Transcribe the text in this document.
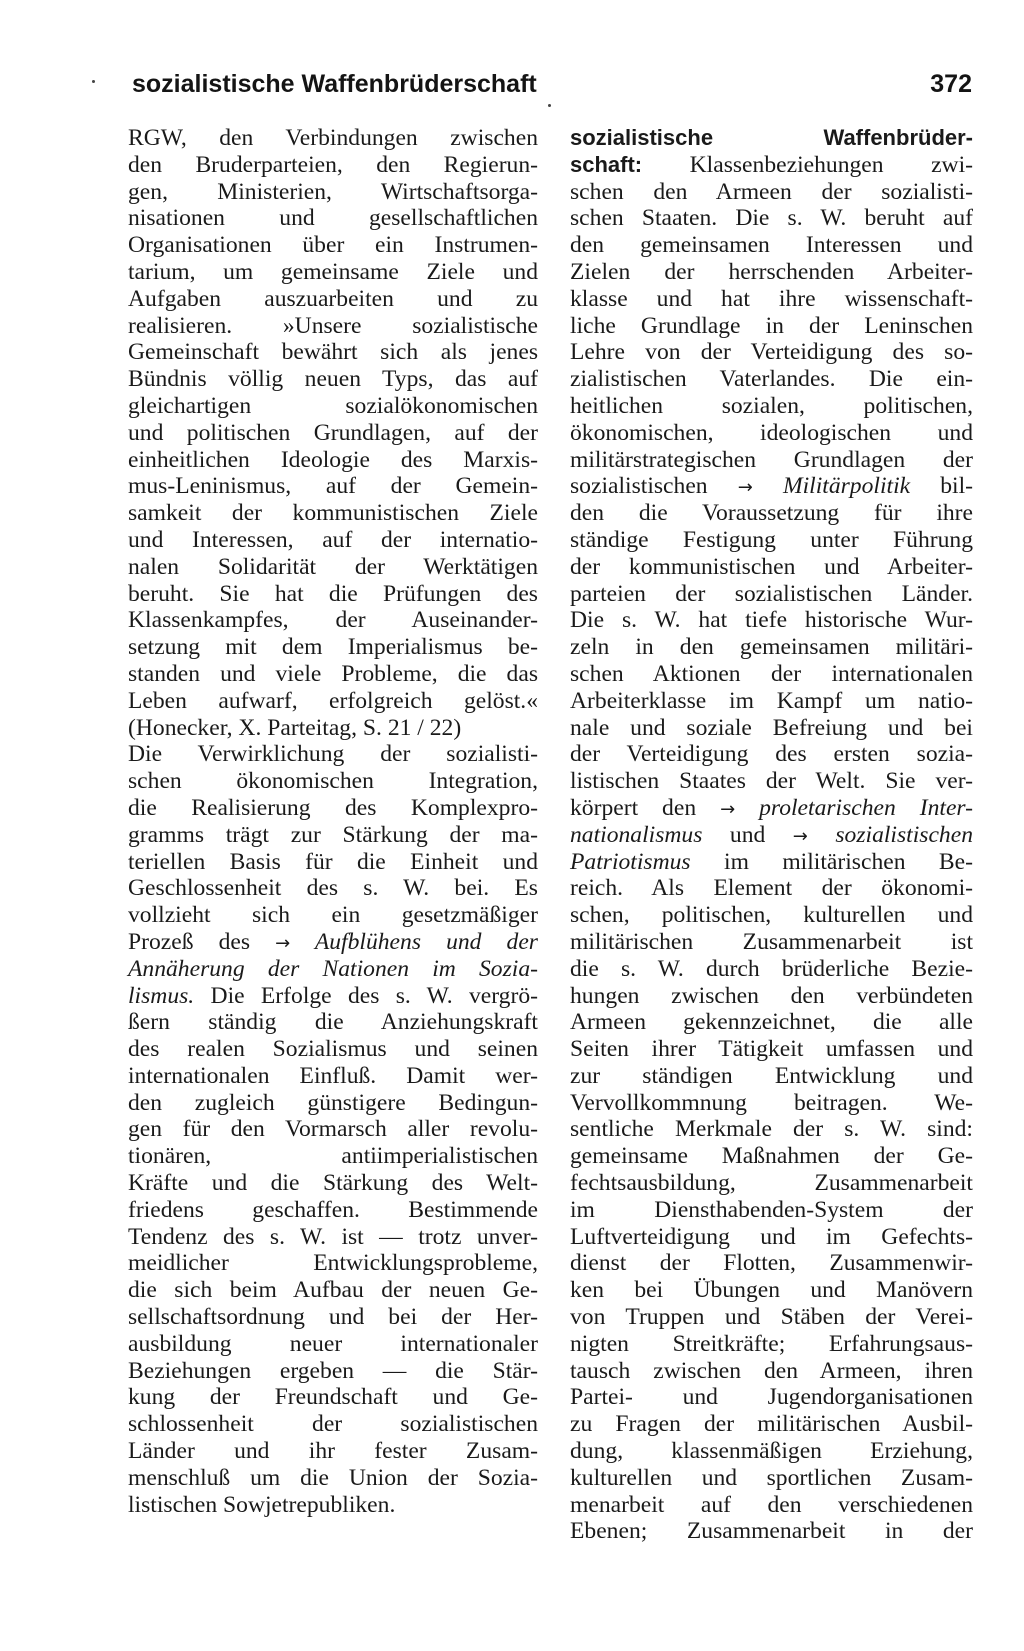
sozialistische Waffenbrüderschaft	372
RGW, den Verbindungen zwischen
den Bruderparteien, den Regierun-
gen, Ministerien, Wirtschaftsorga-
nisationen und gesellschaftlichen
Organisationen über ein Instrumen-
tarium, um gemeinsame Ziele und
Aufgaben auszuarbeiten und zu
realisieren. »Unsere sozialistische
Gemeinschaft bewährt sich als jenes
Bündnis völlig neuen Typs, das auf
gleichartigen sozialökonomischen
und politischen Grundlagen, auf der
einheitlichen Ideologie des Marxis-
mus-Leninismus, auf der Gemein-
samkeit der kommunistischen Ziele
und Interessen, auf der internatio-
nalen Solidarität der Werktätigen
beruht. Sie hat die Prüfungen des
Klassenkampfes, der Auseinander-
setzung mit dem Imperialismus be-
standen und viele Probleme, die das
Leben aufwarf, erfolgreich gelöst.«
(Honecker, X. Parteitag, S. 21 / 22)
Die Verwirklichung der sozialisti-
schen ökonomischen Integration,
die Realisierung des Komplexpro-
gramms trägt zur Stärkung der ma-
teriellen Basis für die Einheit und
Geschlossenheit des s. W. bei. Es
vollzieht sich ein gesetzmäßiger
Prozeß des → Aufblühens und der
Annäherung der Nationen im Sozia-
lismus. Die Erfolge des s. W. vergrö-
ßern ständig die Anziehungskraft
des realen Sozialismus und seinen
internationalen Einfluß. Damit wer-
den zugleich günstigere Bedingun-
gen für den Vormarsch aller revolu-
tionären, antiimperialistischen
Kräfte und die Stärkung des Welt-
friedens geschaffen. Bestimmende
Tendenz des s. W. ist — trotz unver-
meidlicher Entwicklungsprobleme,
die sich beim Aufbau der neuen Ge-
sellschaftsordnung und bei der Her-
ausbildung neuer internationaler
Beziehungen ergeben — die Stär-
kung der Freundschaft und Ge-
schlossenheit der sozialistischen
Länder und ihr fester Zusam-
menschluß um die Union der Sozia-
listischen Sowjetrepubliken.
sozialistische Waffenbrüder-
schaft: Klassenbeziehungen zwi-
schen den Armeen der sozialisti-
schen Staaten. Die s. W. beruht auf
den gemeinsamen Interessen und
Zielen der herrschenden Arbeiter-
klasse und hat ihre wissenschaft-
liche Grundlage in der Leninschen
Lehre von der Verteidigung des so-
zialistischen Vaterlandes. Die ein-
heitlichen sozialen, politischen,
ökonomischen, ideologischen und
militärstrategischen Grundlagen der
sozialistischen → Militärpolitik bil-
den die Voraussetzung für ihre
ständige Festigung unter Führung
der kommunistischen und Arbeiter-
parteien der sozialistischen Länder.
Die s. W. hat tiefe historische Wur-
zeln in den gemeinsamen militäri-
schen Aktionen der internationalen
Arbeiterklasse im Kampf um natio-
nale und soziale Befreiung und bei
der Verteidigung des ersten sozia-
listischen Staates der Welt. Sie ver-
körpert den → proletarischen Inter-
nationalismus und → sozialistischen
Patriotismus im militärischen Be-
reich. Als Element der ökonomi-
schen, politischen, kulturellen und
militärischen Zusammenarbeit ist
die s. W. durch brüderliche Bezie-
hungen zwischen den verbündeten
Armeen gekennzeichnet, die alle
Seiten ihrer Tätigkeit umfassen und
zur ständigen Entwicklung und
Vervollkommnung beitragen. We-
sentliche Merkmale der s. W. sind:
gemeinsame Maßnahmen der Ge-
fechtsausbildung, Zusammenarbeit
im Diensthabenden-System der
Luftverteidigung und im Gefechts-
dienst der Flotten, Zusammenwir-
ken bei Übungen und Manövern
von Truppen und Stäben der Verei-
nigten Streitkräfte; Erfahrungsaus-
tausch zwischen den Armeen, ihren
Partei- und Jugendorganisationen
zu Fragen der militärischen Ausbil-
dung, klassenmäßigen Erziehung,
kulturellen und sportlichen Zusam-
menarbeit auf den verschiedenen
Ebenen; Zusammenarbeit in der
